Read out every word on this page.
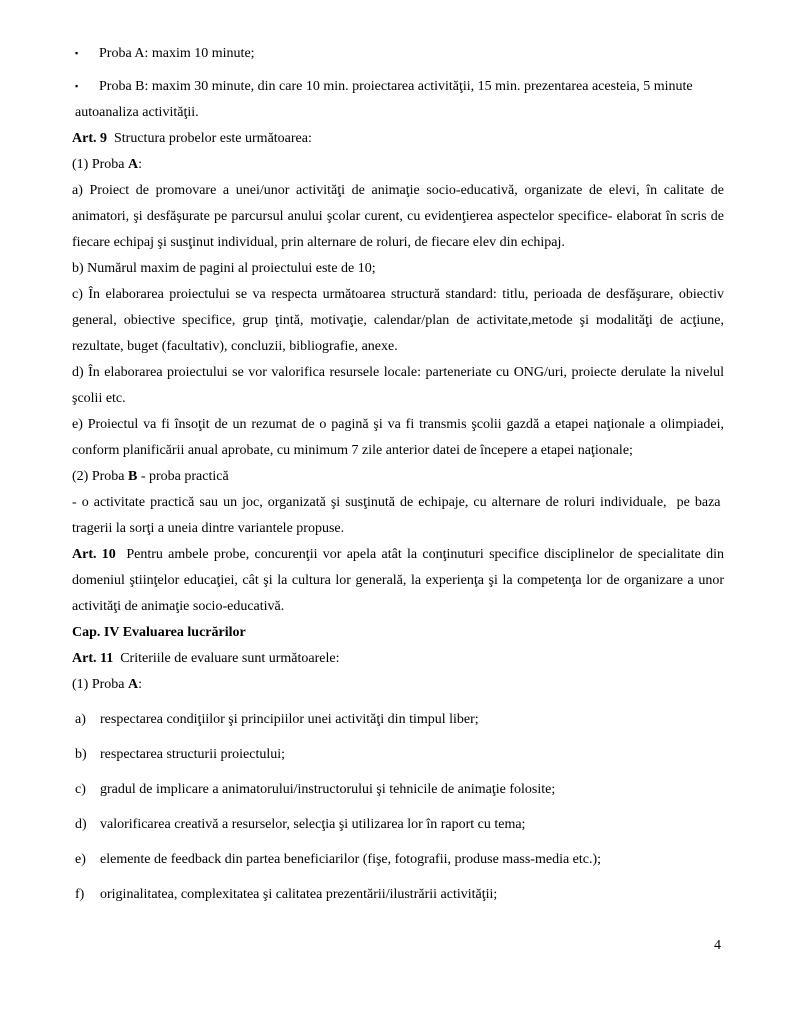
▪ Proba A: maxim 10 minute;
▪ Proba B: maxim 30 minute, din care 10 min. proiectarea activităţii, 15 min. prezentarea acesteia, 5 minute autoanaliza activităţii.
Art. 9  Structura probelor este următoarea:
(1) Proba A:
a) Proiect de promovare a unei/unor activităţi de animaţie socio-educativă, organizate de elevi, în calitate de animatori, şi desfăşurate pe parcursul anului şcolar curent, cu evidenţierea aspectelor specifice- elaborat în scris de fiecare echipaj şi susţinut individual, prin alternare de roluri, de fiecare elev din echipaj.
b) Numărul maxim de pagini al proiectului este de 10;
c) În elaborarea proiectului se va respecta următoarea structură standard: titlu, perioada de desfăşurare, obiectiv general, obiective specifice, grup ţintă, motivaţie, calendar/plan de activitate,metode şi modalităţi de acţiune, rezultate, buget (facultativ), concluzii, bibliografie, anexe.
d) În elaborarea proiectului se vor valorifica resursele locale: parteneriate cu ONG/uri, proiecte derulate la nivelul şcolii etc.
e) Proiectul va fi însoţit de un rezumat de o pagină şi va fi transmis şcolii gazdă a etapei naţionale a olimpiadei, conform planificării anual aprobate, cu minimum 7 zile anterior datei de începere a etapei naţionale;
(2) Proba B - proba practică
- o activitate practică sau un joc, organizată şi susţinută de echipaje, cu alternare de roluri individuale,  pe baza  tragerii la sorţi a uneia dintre variantele propuse.
Art. 10  Pentru ambele probe, concurenţii vor apela atât la conţinuturi specifice disciplinelor de specialitate din domeniul ştiinţelor educaţiei, cât şi la cultura lor generală, la experienţa şi la competenţa lor de organizare a unor activităţi de animaţie socio-educativă.
Cap. IV Evaluarea lucrărilor
Art. 11  Criteriile de evaluare sunt următoarele:
(1) Proba A:
a)	respectarea condiţiilor şi principiilor unei activităţi din timpul liber;
b) respectarea structurii proiectului;
c)	gradul de implicare a animatorului/instructorului şi tehnicile de animaţie folosite;
d) valorificarea creativă a resurselor, selecţia şi utilizarea lor în raport cu tema;
e)	elemente de feedback din partea beneficiarilor (fişe, fotografii, produse mass-media etc.);
f)	originalitatea, complexitatea şi calitatea prezentării/ilustrării activităţii;
4
